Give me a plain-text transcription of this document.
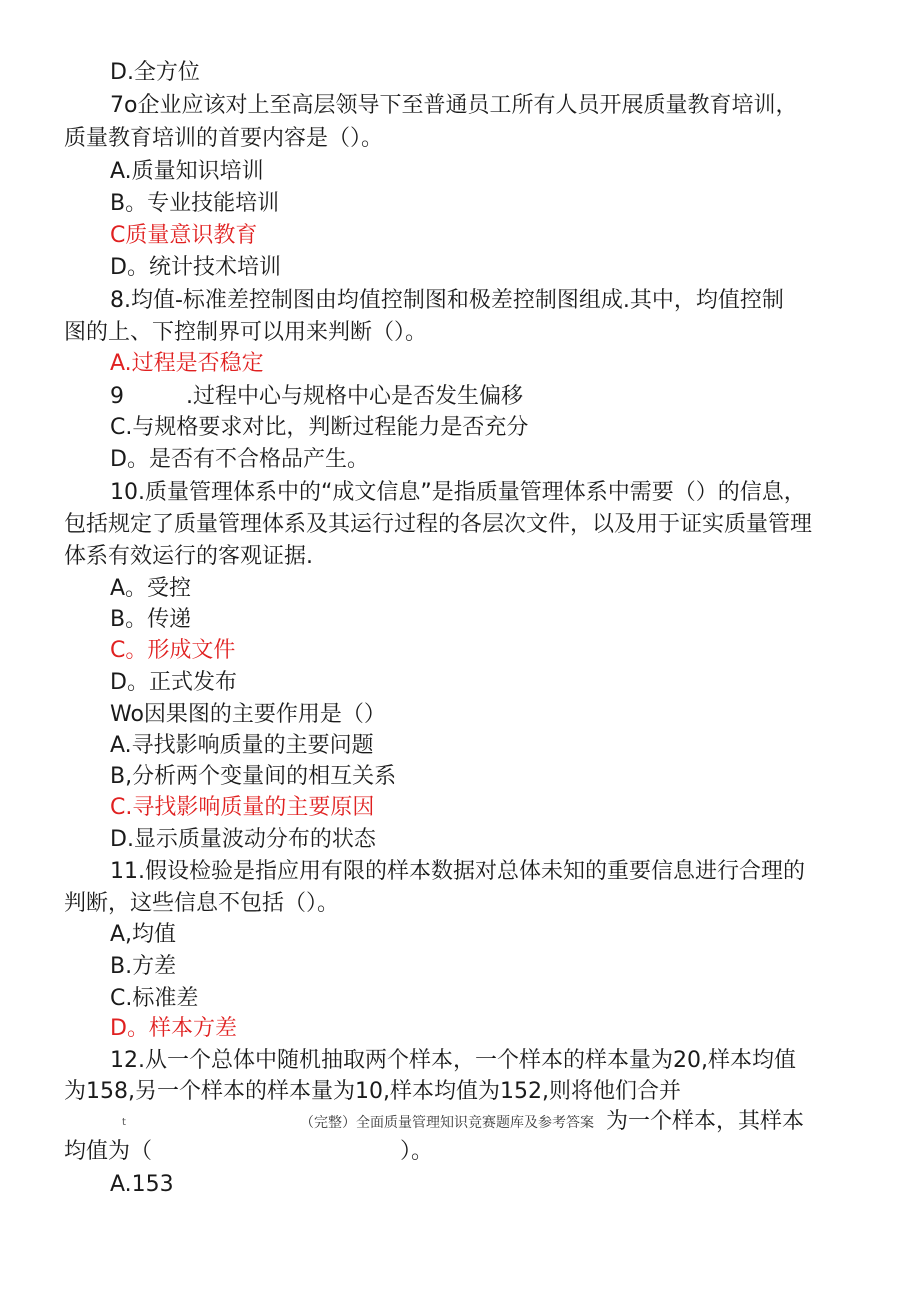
D.全方位
7o企业应该对上至高层领导下至普通员工所有人员开展质量教育培训，
质量教育培训的首要内容是（）。
A.质量知识培训
B。专业技能培训
C质量意识教育
D。统计技术培训
8.均值-标准差控制图由均值控制图和极差控制图组成.其中，均值控制
图的上、下控制界可以用来判断（）。
A.过程是否稳定
9	.过程中心与规格中心是否发生偏移
C.与规格要求对比，判断过程能力是否充分
D。是否有不合格品产生。
10.质量管理体系中的“成文信息”是指质量管理体系中需要（）的信息，
包括规定了质量管理体系及其运行过程的各层次文件，以及用于证实质量管理
体系有效运行的客观证据.
A。受控
B。传递
C。形成文件
D。正式发布
Wo因果图的主要作用是（）
A.寻找影响质量的主要问题
B,分析两个变量间的相互关系
C.寻找影响质量的主要原因
D.显示质量波动分布的状态
11.假设检验是指应用有限的样本数据对总体未知的重要信息进行合理的
判断，这些信息不包括（）。
A,均值
B.方差
C.标准差
D。样本方差
12.从一个总体中随机抽取两个样本，一个样本的样本量为20,样本均值
为158,另一个样本的样本量为10,样本均值为152,则将他们合并
t	（完整）全面质量管理知识竞赛题库及参考答案 为一个样本，其样本
均值为（	）。
A.153
